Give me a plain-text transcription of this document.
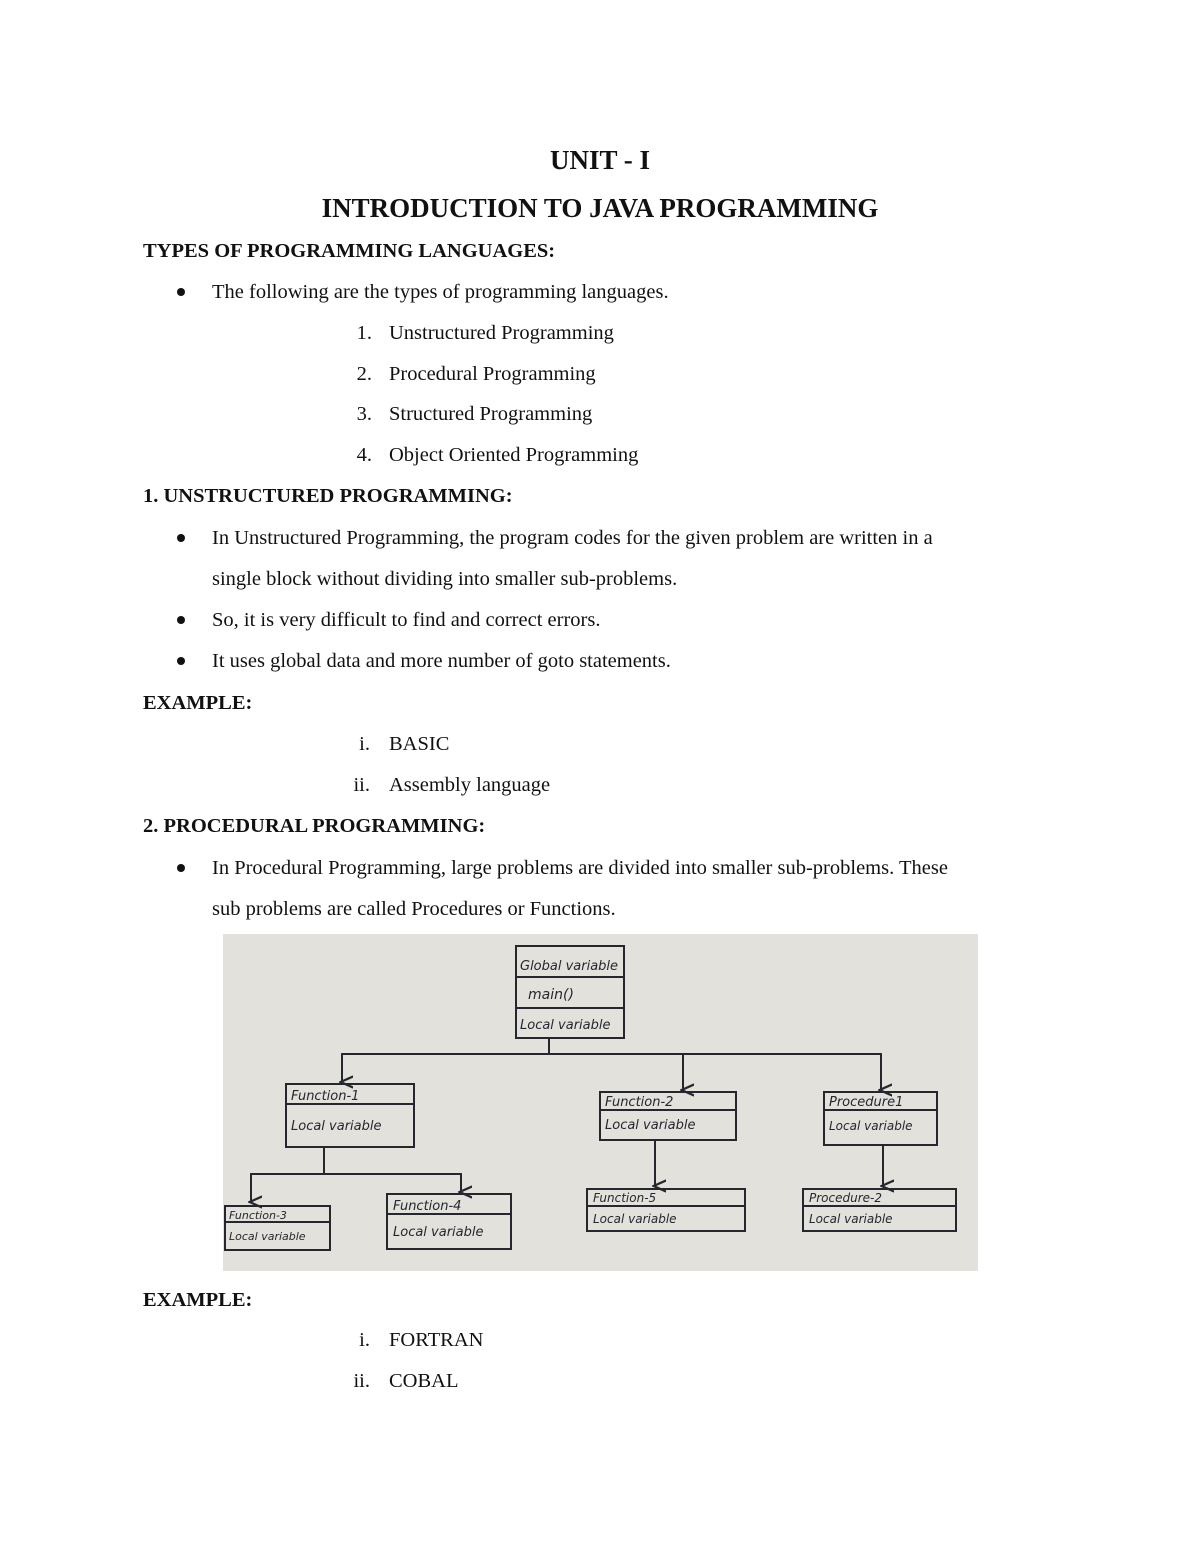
UNIT - I
INTRODUCTION TO JAVA PROGRAMMING
TYPES OF PROGRAMMING LANGUAGES:
The following are the types of programming languages.
1. Unstructured Programming
2. Procedural Programming
3. Structured Programming
4. Object Oriented Programming
1. UNSTRUCTURED PROGRAMMING:
In Unstructured Programming, the program codes for the given problem are written in a
single block without dividing into smaller sub-problems.
So, it is very difficult to find and correct errors.
It uses global data and more number of goto statements.
EXAMPLE:
i. BASIC
ii. Assembly language
2. PROCEDURAL PROGRAMMING:
In Procedural Programming, large problems are divided into smaller sub-problems. These
sub problems are called Procedures or Functions.
Global variable
main()
Local variable
Function-1
Local variable
Function-2
Local variable
Procedure1
Local variable
Function-3
Local variable
Function-4
Local variable
Function-5
Local variable
Procedure-2
Local variable
EXAMPLE:
i. FORTRAN
ii. COBAL
